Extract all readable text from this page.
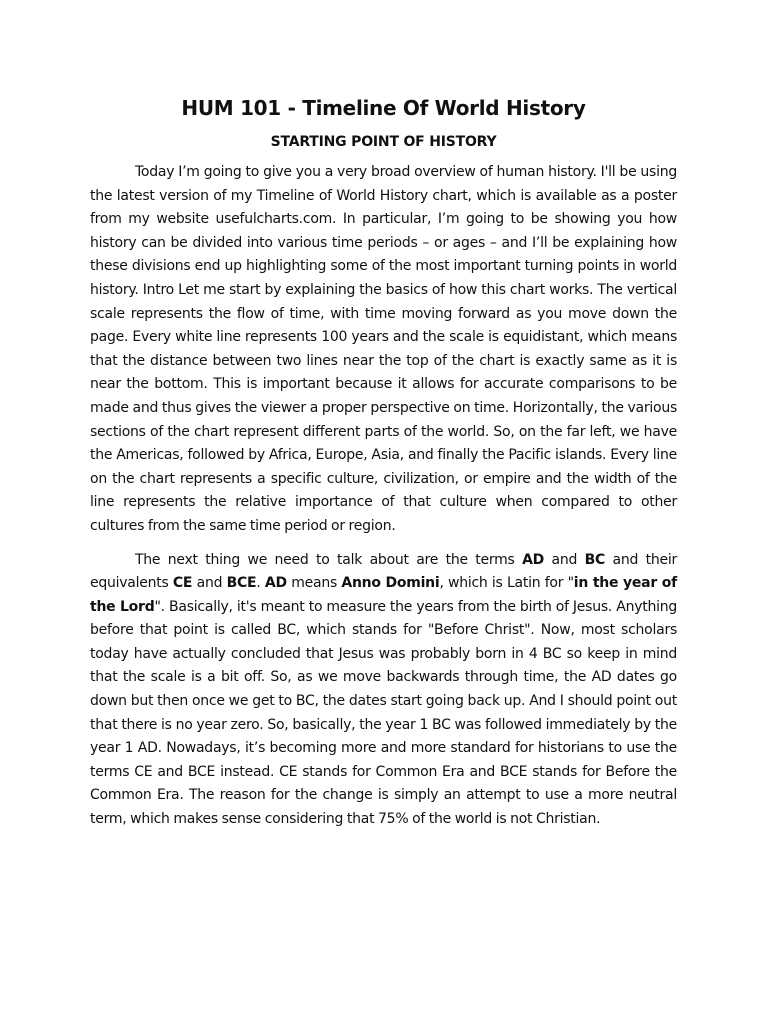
HUM 101 - Timeline Of World History
STARTING POINT OF HISTORY

Today I’m going to give you a very broad overview of human history. I'll be using the latest version of my Timeline of World History chart, which is available as a poster from my website usefulcharts.com. In particular, I’m going to be showing you how history can be divided into various time periods – or ages – and I’ll be explaining how these divisions end up highlighting some of the most important turning points in world history. Intro Let me start by explaining the basics of how this chart works. The vertical scale represents the flow of time, with time moving forward as you move down the page. Every white line represents 100 years and the scale is equidistant, which means that the distance between two lines near the top of the chart is exactly same as it is near the bottom. This is important because it allows for accurate comparisons to be made and thus gives the viewer a proper perspective on time. Horizontally, the various sections of the chart represent different parts of the world. So, on the far left, we have the Americas, followed by Africa, Europe, Asia, and finally the Pacific islands. Every line on the chart represents a specific culture, civilization, or empire and the width of the line represents the relative importance of that culture when compared to other cultures from the same time period or region.

The next thing we need to talk about are the terms AD and BC and their equivalents CE and BCE. AD means Anno Domini, which is Latin for "in the year of the Lord". Basically, it's meant to measure the years from the birth of Jesus. Anything before that point is called BC, which stands for "Before Christ". Now, most scholars today have actually concluded that Jesus was probably born in 4 BC so keep in mind that the scale is a bit off. So, as we move backwards through time, the AD dates go down but then once we get to BC, the dates start going back up. And I should point out that there is no year zero. So, basically, the year 1 BC was followed immediately by the year 1 AD. Nowadays, it’s becoming more and more standard for historians to use the terms CE and BCE instead. CE stands for Common Era and BCE stands for Before the Common Era. The reason for the change is simply an attempt to use a more neutral term, which makes sense considering that 75% of the world is not Christian.
